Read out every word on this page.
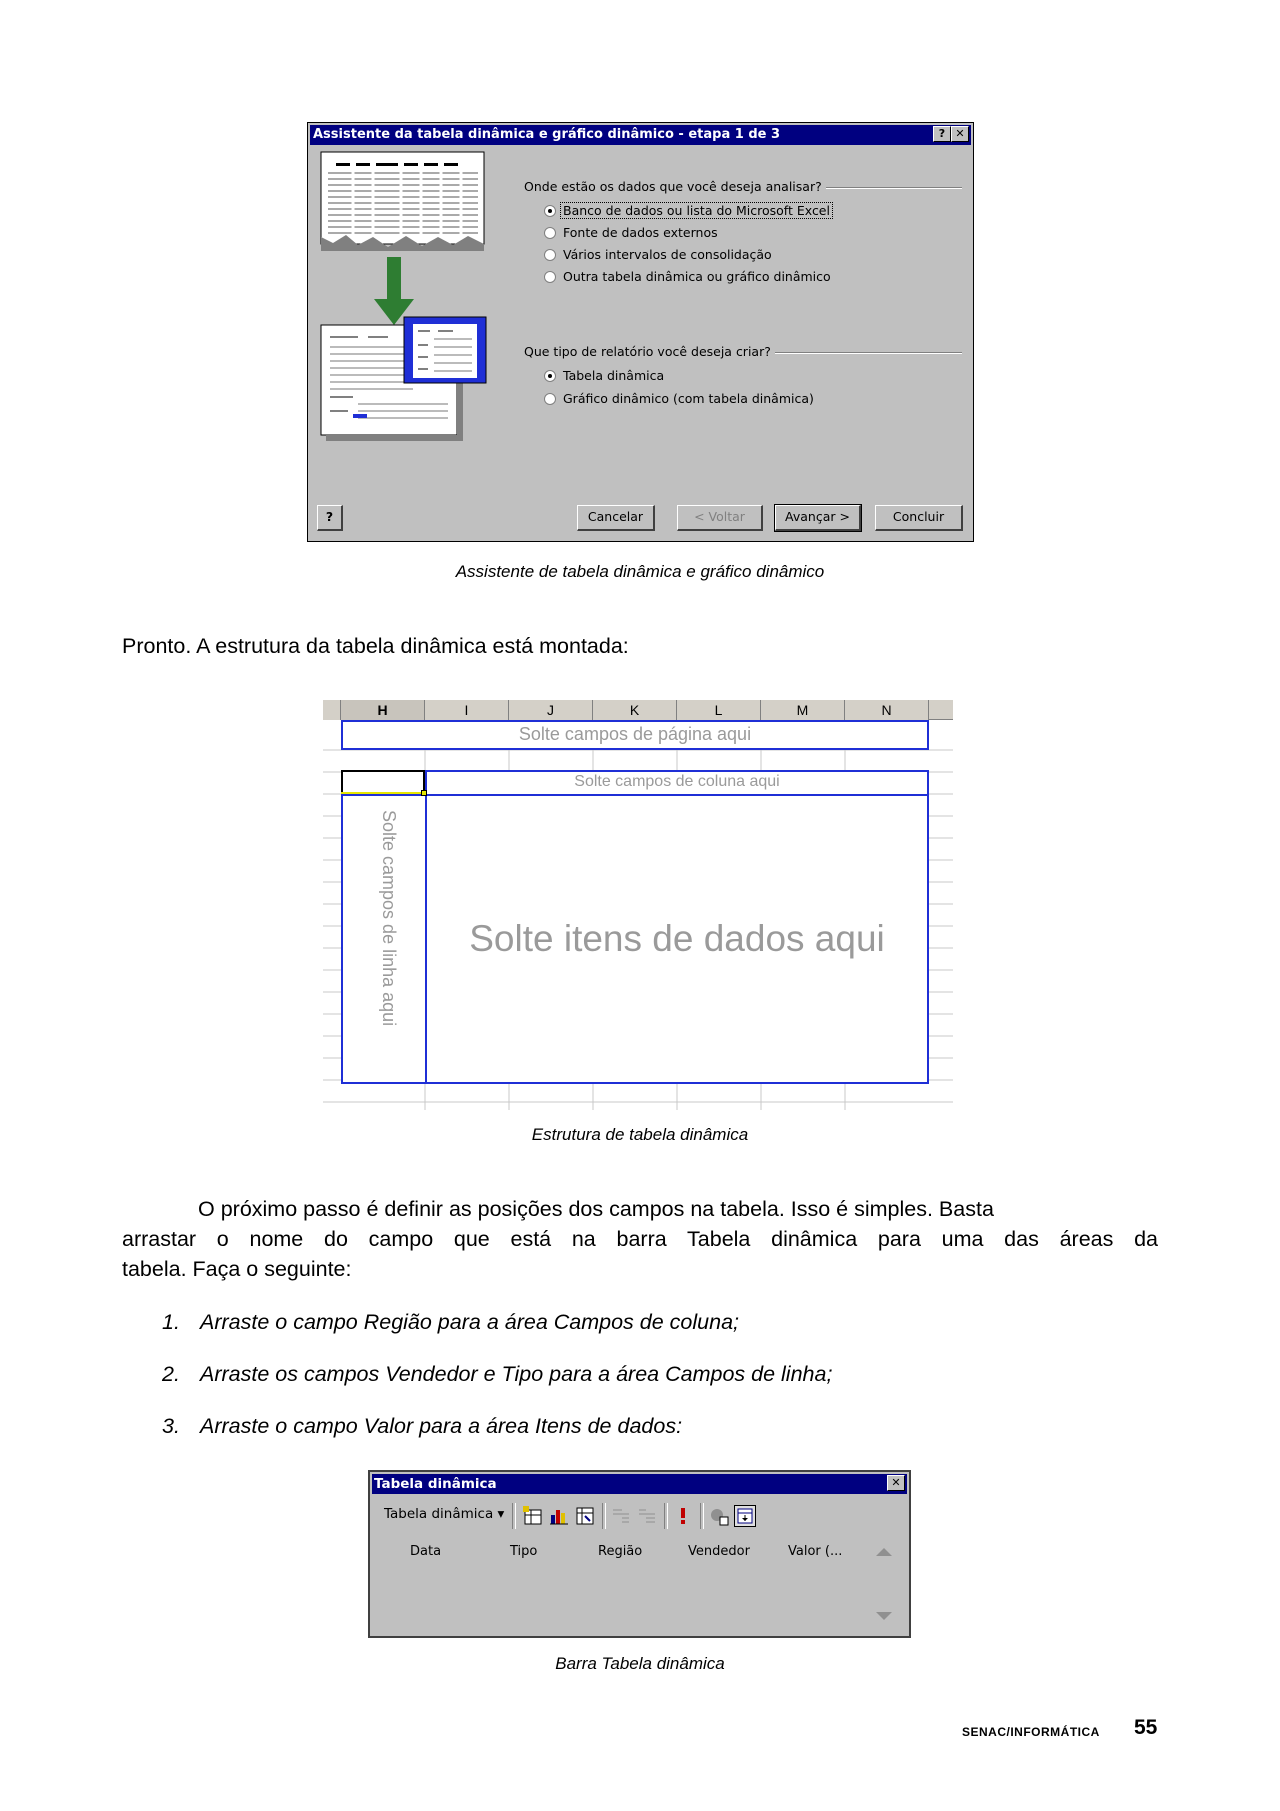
Assistente da tabela dinâmica e gráfico dinâmico - etapa 1 de 3	? ✕
Onde estão os dados que você deseja analisar?
Banco de dados ou lista do Microsoft Excel
Fonte de dados externos
Vários intervalos de consolidação
Outra tabela dinâmica ou gráfico dinâmico
Que tipo de relatório você deseja criar?
Tabela dinâmica
Gráfico dinâmico (com tabela dinâmica)
?	Cancelar	< Voltar	Avançar >	Concluir
Assistente de tabela dinâmica e gráfico dinâmico
Pronto. A estrutura da tabela dinâmica está montada:
H	I	J	K	L	M	N
Solte campos de página aqui
Solte campos de coluna aqui
Solte campos de linha aqui	Solte itens de dados aqui
Estrutura de tabela dinâmica
O próximo passo é definir as posições dos campos na tabela. Isso é simples. Basta
arrastar o nome do campo que está na barra Tabela dinâmica para uma das áreas da
tabela. Faça o seguinte:
1. Arraste o campo Região para a área Campos de coluna;
2. Arraste os campos Vendedor e Tipo para a área Campos de linha;
3. Arraste o campo Valor para a área Itens de dados:
Tabela dinâmica	✕
Tabela dinâmica ▾
Data	Tipo	Região	Vendedor	Valor (...
Barra Tabela dinâmica
SENAC/INFORMÁTICA 55
